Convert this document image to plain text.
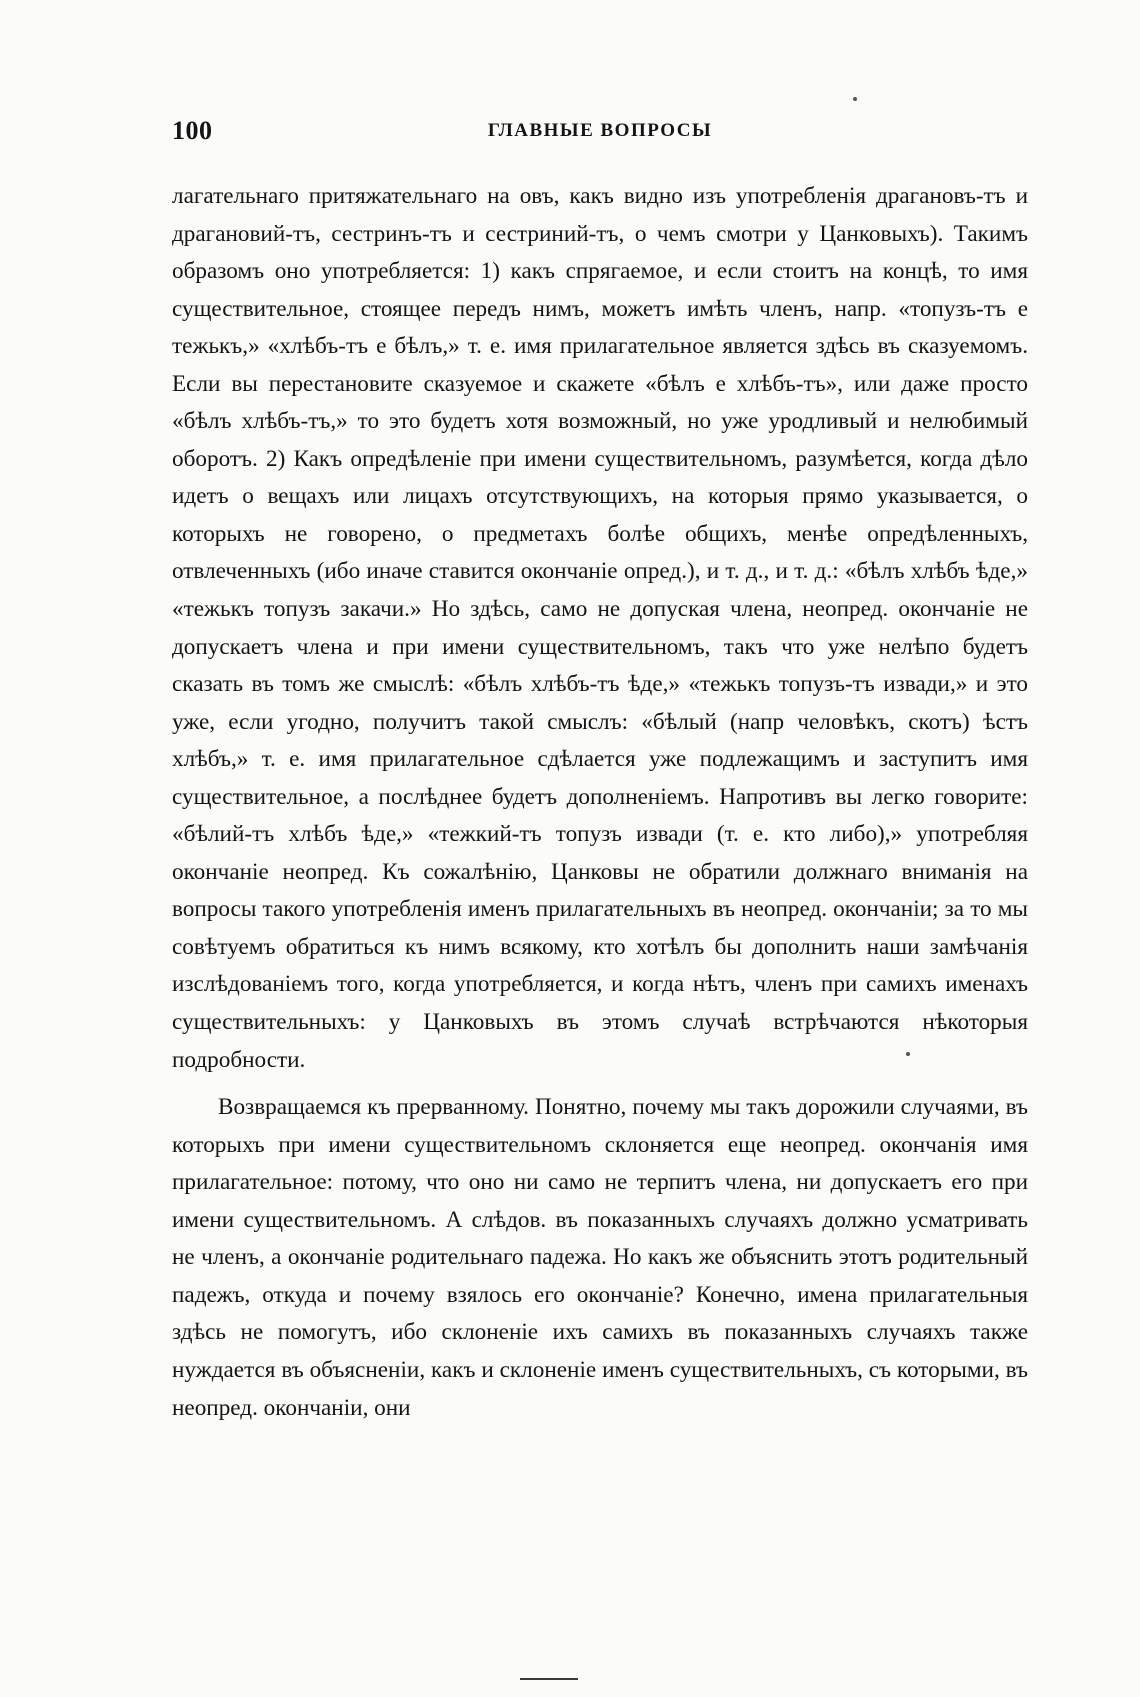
100	ГЛАВНЫЕ ВОПРОСЫ

лагательнаго притяжательнаго на овъ, какъ видно изъ употребленія драгановъ-тъ и драгановий-тъ, сестринъ-тъ и сестриний-тъ, о чемъ смотри у Цанковыхъ). Такимъ образомъ оно употребляется: 1) какъ спрягаемое, и если стоитъ на концѣ, то имя существительное, стоящее передъ нимъ, можетъ имѣть членъ, напр. «топузъ-тъ е тежькъ,» «хлѣбъ-тъ е бѣлъ,» т. е. имя прилагательное является здѣсь въ сказуемомъ. Если вы перестановите сказуемое и скажете «бѣлъ е хлѣбъ-тъ», или даже просто «бѣлъ хлѣбъ-тъ,» то это будетъ хотя возможный, но уже уродливый и нелюбимый оборотъ. 2) Какъ опредѣленіе при имени существительномъ, разумѣется, когда дѣло идетъ о вещахъ или лицахъ отсутствующихъ, на которыя прямо указывается, о которыхъ не говорено, о предметахъ болѣе общихъ, менѣе опредѣленныхъ, отвлеченныхъ (ибо иначе ставится окончаніе опред.), и т. д., и т. д.: «бѣлъ хлѣбъ ѣде,» «тежькъ топузъ закачи.» Но здѣсь, само не допуская члена, неопред. окончаніе не допускаетъ члена и при имени существительномъ, такъ что уже нелѣпо будетъ сказать въ томъ же смыслѣ: «бѣлъ хлѣбъ-тъ ѣде,» «тежькъ топузъ-тъ извади,» и это уже, если угодно, получитъ такой смыслъ: «бѣлый (напр человѣкъ, скотъ) ѣстъ хлѣбъ,» т. е. имя прилагательное сдѣлается уже подлежащимъ и заступитъ имя существительное, а послѣднее будетъ дополненіемъ. Напротивъ вы легко говорите: «бѣлий-тъ хлѣбъ ѣде,» «тежкий-тъ топузъ извади (т. е. кто либо),» употребляя окончаніе неопред. Къ сожалѣнію, Цанковы не обратили должнаго вниманія на вопросы такого употребленія именъ прилагательныхъ въ неопред. окончаніи; за то мы совѣтуемъ обратиться къ нимъ всякому, кто хотѣлъ бы дополнить наши замѣчанія изслѣдованіемъ того, когда употребляется, и когда нѣтъ, членъ при самихъ именахъ существительныхъ: у Цанковыхъ въ этомъ случаѣ встрѣчаются нѣкоторыя подробности.

Возвращаемся къ прерванному. Понятно, почему мы такъ дорожили случаями, въ которыхъ при имени существительномъ склоняется еще неопред. окончанія имя прилагательное: потому, что оно ни само не терпитъ члена, ни допускаетъ его при имени существительномъ. А слѣдов. въ показанныхъ случаяхъ должно усматривать не членъ, а окончаніе родительнаго падежа. Но какъ же объяснить этотъ родительный падежъ, откуда и почему взялось его окончаніе? Конечно, имена прилагательныя здѣсь не помогутъ, ибо склоненіе ихъ самихъ въ показанныхъ случаяхъ также нуждается въ объясненіи, какъ и склоненіе именъ существительныхъ, съ которыми, въ неопред. окончаніи, они
